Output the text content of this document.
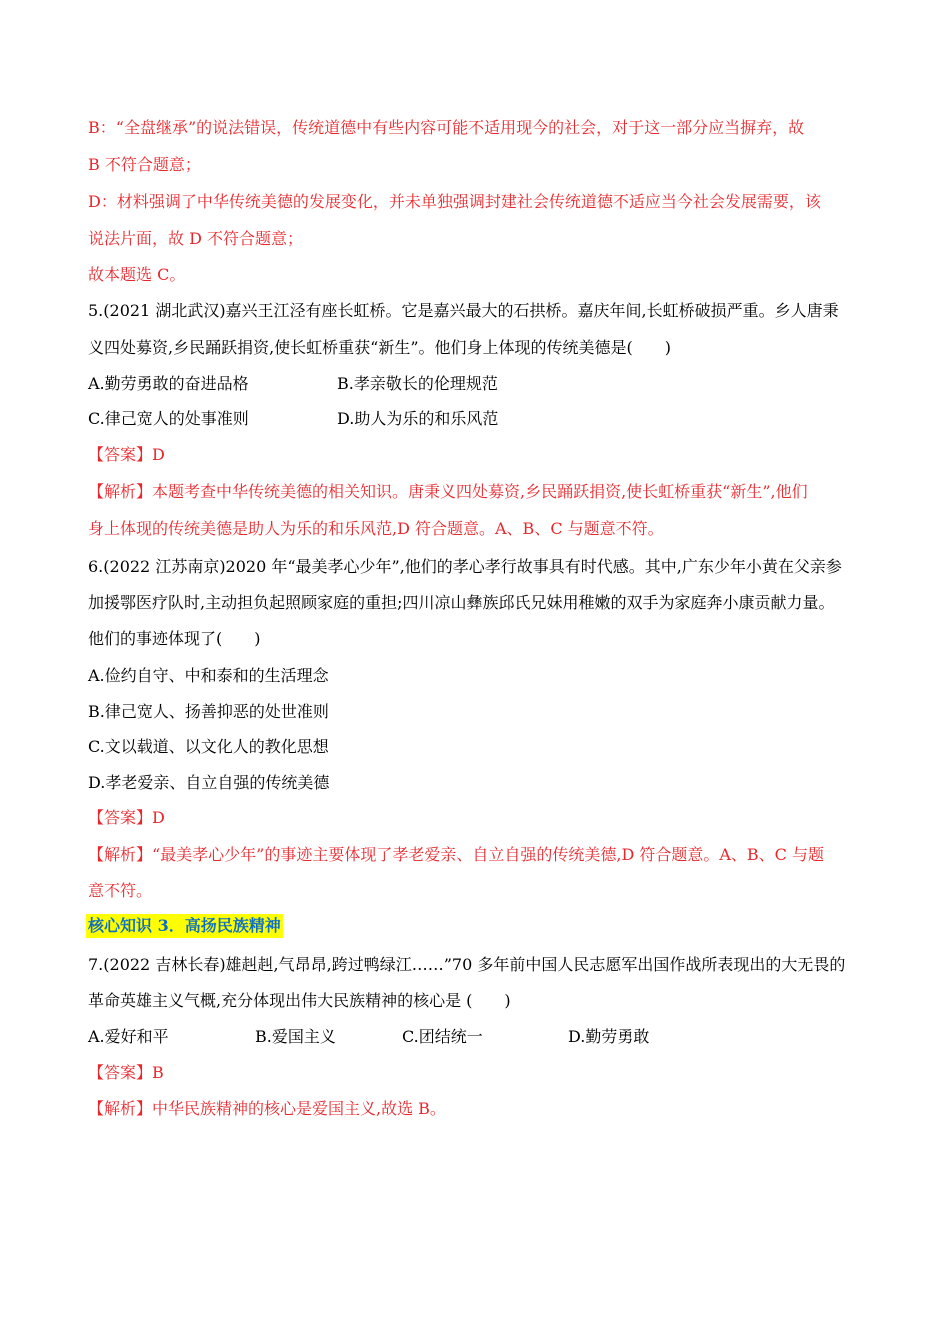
B：“全盘继承”的说法错误，传统道德中有些内容可能不适用现今的社会，对于这一部分应当摒弃，故
B 不符合题意；
D：材料强调了中华传统美德的发展变化，并未单独强调封建社会传统道德不适应当今社会发展需要，该
说法片面，故 D 不符合题意；
故本题选 C。
5.(2021 湖北武汉)嘉兴王江泾有座长虹桥。它是嘉兴最大的石拱桥。嘉庆年间,长虹桥破损严重。乡人唐秉
义四处募资,乡民踊跃捐资,使长虹桥重获“新生”。他们身上体现的传统美德是(　　)
A.勤劳勇敢的奋进品格	B.孝亲敬长的伦理规范
C.律己宽人的处事准则	D.助人为乐的和乐风范
【答案】D
【解析】本题考查中华传统美德的相关知识。唐秉义四处募资,乡民踊跃捐资,使长虹桥重获“新生”,他们
身上体现的传统美德是助人为乐的和乐风范,D 符合题意。A、B、C 与题意不符。
6.(2022 江苏南京)2020 年“最美孝心少年”,他们的孝心孝行故事具有时代感。其中,广东少年小黄在父亲参
加援鄂医疗队时,主动担负起照顾家庭的重担;四川凉山彝族邱氏兄妹用稚嫩的双手为家庭奔小康贡献力量。
他们的事迹体现了(　　)
A.俭约自守、中和泰和的生活理念
B.律己宽人、扬善抑恶的处世准则
C.文以载道、以文化人的教化思想
D.孝老爱亲、自立自强的传统美德
【答案】D
【解析】“最美孝心少年”的事迹主要体现了孝老爱亲、自立自强的传统美德,D 符合题意。A、B、C 与题
意不符。
核心知识 3．高扬民族精神
7.(2022 吉林长春)雄赳赳,气昂昂,跨过鸭绿江……”70 多年前中国人民志愿军出国作战所表现出的大无畏的
革命英雄主义气概,充分体现出伟大民族精神的核心是 (　　)
A.爱好和平	B.爱国主义	C.团结统一	D.勤劳勇敢
【答案】B
【解析】中华民族精神的核心是爱国主义,故选 B。
